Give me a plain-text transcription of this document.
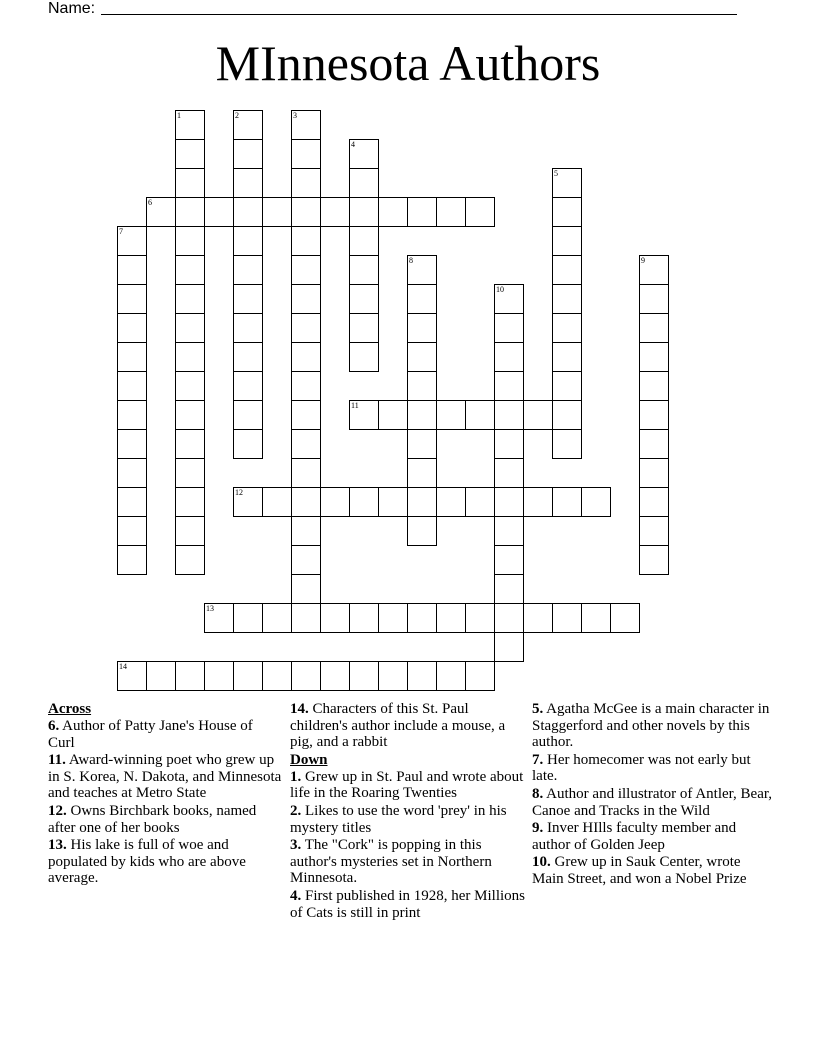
Name:
MInnesota Authors
1	2	3
4
5
6
7
8	9
10
11
12
13
14

Across

6. Author of Patty Jane's House of Curl

11. Award-winning poet who grew up in S. Korea, N. Dakota, and Minnesota and teaches at Metro State

12. Owns Birchbark books, named after one of her books

13. His lake is full of woe and populated by kids who are above average.

14. Characters of this St. Paul children's author include a mouse, a pig, and a rabbit

Down

1. Grew up in St. Paul and wrote about life in the Roaring Twenties

2. Likes to use the word 'prey' in his mystery titles

3. The "Cork" is popping in this author's mysteries set in Northern Minnesota.

4. First published in 1928, her Millions of Cats is still in print

5. Agatha McGee is a main character in Staggerford and other novels by this author.

7. Her homecomer was not early but late.

8. Author and illustrator of Antler, Bear, Canoe and Tracks in the Wild

9. Inver HIlls faculty member and author of Golden Jeep

10. Grew up in Sauk Center, wrote Main Street, and won a Nobel Prize
